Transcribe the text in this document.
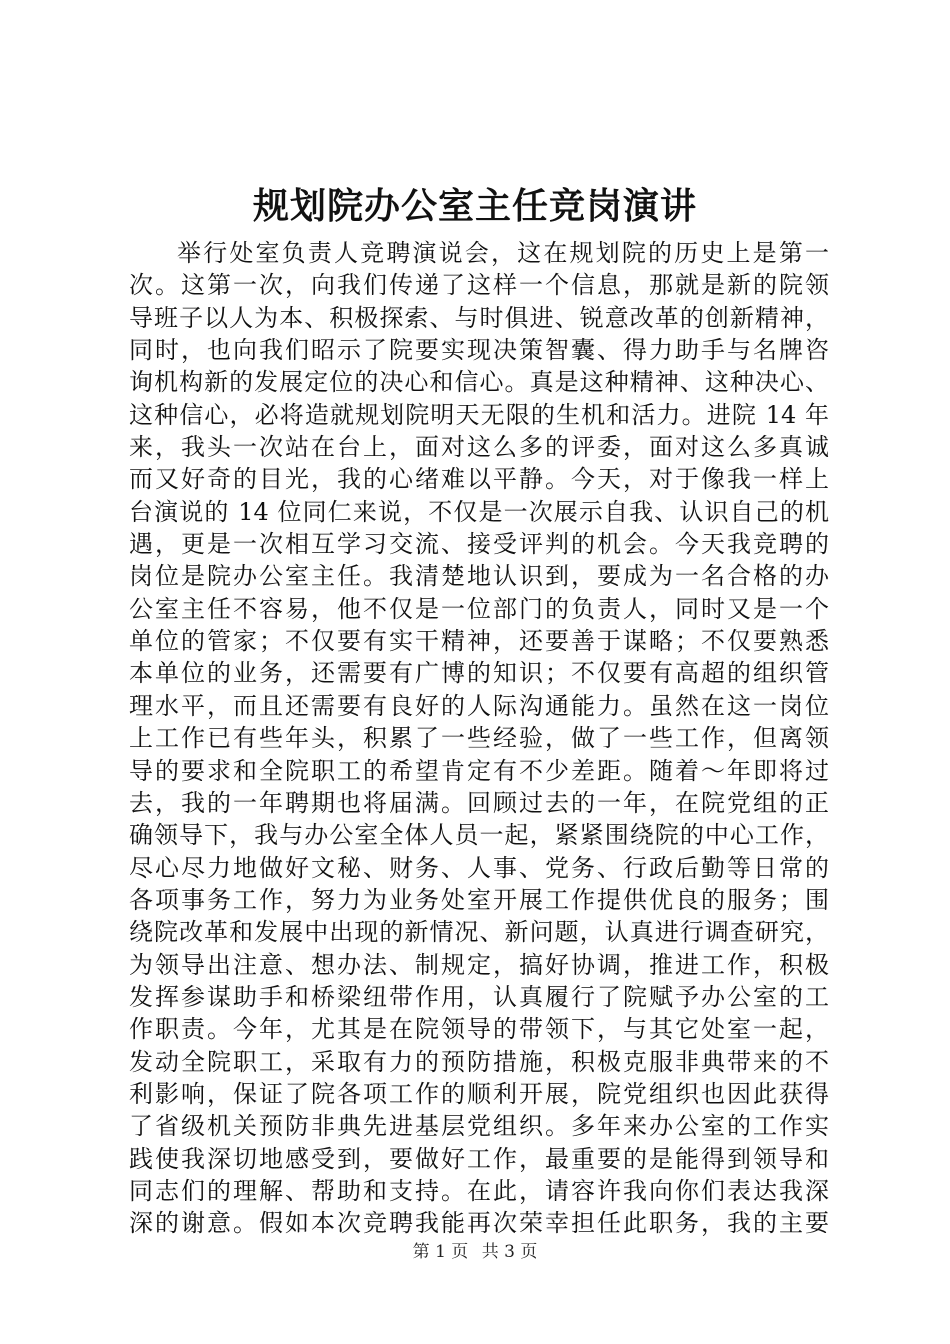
规划院办公室主任竞岗演讲
举行处室负责人竞聘演说会，这在规划院的历史上是第一
次。这第一次，向我们传递了这样一个信息，那就是新的院领
导班子以人为本、积极探索、与时俱进、锐意改革的创新精神，
同时，也向我们昭示了院要实现决策智囊、得力助手与名牌咨
询机构新的发展定位的决心和信心。真是这种精神、这种决心、
这种信心，必将造就规划院明天无限的生机和活力。进院 14 年
来，我头一次站在台上，面对这么多的评委，面对这么多真诚
而又好奇的目光，我的心绪难以平静。今天，对于像我一样上
台演说的 14 位同仁来说，不仅是一次展示自我、认识自己的机
遇，更是一次相互学习交流、接受评判的机会。今天我竞聘的
岗位是院办公室主任。我清楚地认识到，要成为一名合格的办
公室主任不容易，他不仅是一位部门的负责人，同时又是一个
单位的管家；不仅要有实干精神，还要善于谋略；不仅要熟悉
本单位的业务，还需要有广博的知识；不仅要有高超的组织管
理水平，而且还需要有良好的人际沟通能力。虽然在这一岗位
上工作已有些年头，积累了一些经验，做了一些工作，但离领
导的要求和全院职工的希望肯定有不少差距。随着～年即将过
去，我的一年聘期也将届满。回顾过去的一年，在院党组的正
确领导下，我与办公室全体人员一起，紧紧围绕院的中心工作，
尽心尽力地做好文秘、财务、人事、党务、行政后勤等日常的
各项事务工作，努力为业务处室开展工作提供优良的服务；围
绕院改革和发展中出现的新情况、新问题，认真进行调查研究，
为领导出注意、想办法、制规定，搞好协调，推进工作，积极
发挥参谋助手和桥梁纽带作用，认真履行了院赋予办公室的工
作职责。今年，尤其是在院领导的带领下，与其它处室一起，
发动全院职工，采取有力的预防措施，积极克服非典带来的不
利影响，保证了院各项工作的顺利开展，院党组织也因此获得
了省级机关预防非典先进基层党组织。多年来办公室的工作实
践使我深切地感受到，要做好工作，最重要的是能得到领导和
同志们的理解、帮助和支持。在此，请容许我向你们表达我深
深的谢意。假如本次竞聘我能再次荣幸担任此职务，我的主要
第 1 页 共 3 页
